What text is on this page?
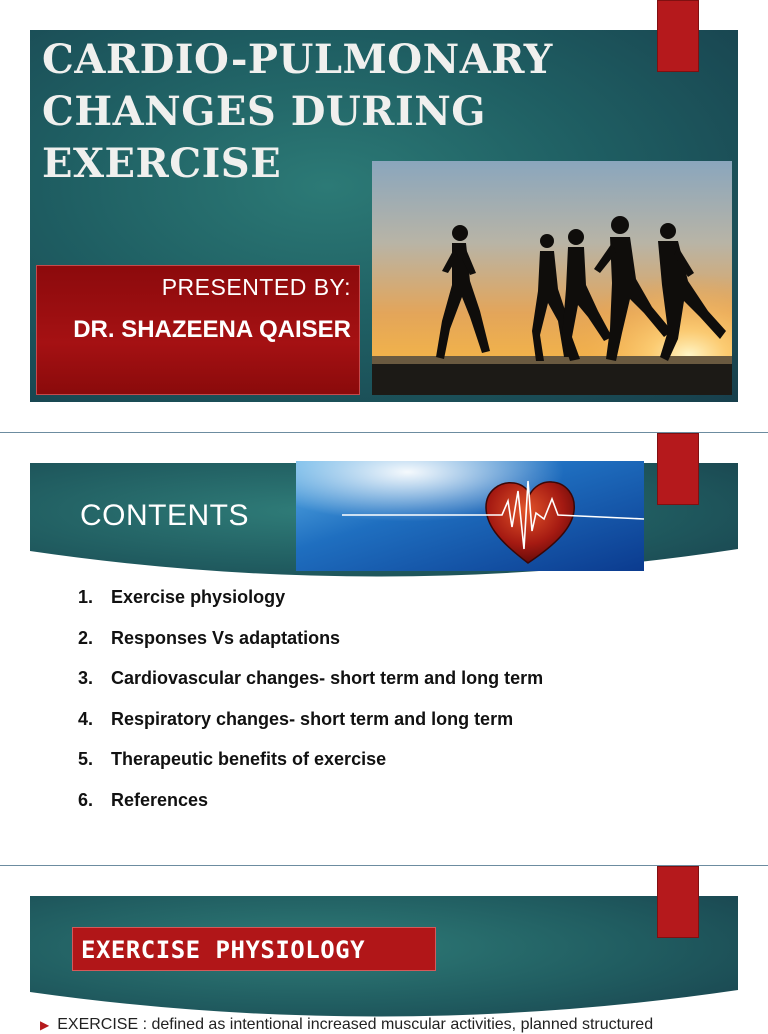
CARDIO-PULMONARY
CHANGES DURING
EXERCISE
PRESENTED BY:
DR. SHAZEENA QAISER
CONTENTS
1. Exercise physiology
2. Responses Vs adaptations
3. Cardiovascular changes- short term and long term
4. Respiratory changes- short term and long term
5. Therapeutic benefits of exercise
6. References
EXERCISE PHYSIOLOGY
▶ EXERCISE : defined as intentional increased muscular activities, planned structured
